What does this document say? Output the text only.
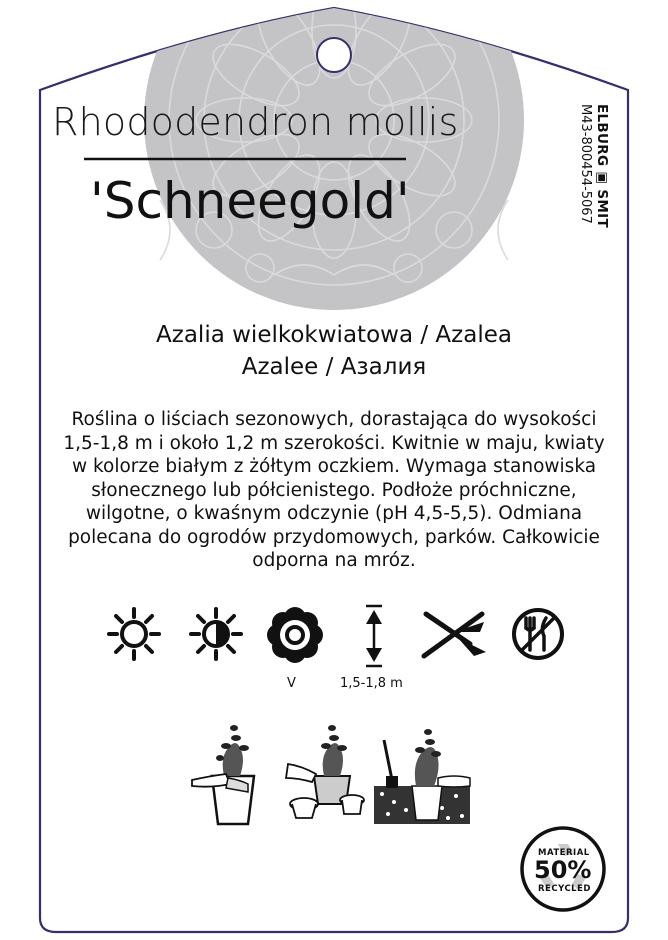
Rhododendron mollis
'Schneegold'	ELBURG ▣ SMIT
M43-800454-5067
Azalia wielkokwiatowa / Azalea
Azalee / Азалия
Roślina o liściach sezonowych, dorastająca do wysokości 1,5-1,8 m i około 1,2 m szerokości. Kwitnie w maju, kwiaty w kolorze białym z żółtym oczkiem. Wymaga stanowiska słonecznego lub półcienistego. Podłoże próchniczne, wilgotne, o kwaśnym odczynie (pH 4,5-5,5). Odmiana polecana do ogrodów przydomowych, parków. Całkowicie odporna na mróz.
V	1,5-1,8 m
MATERIAL
50%
RECYCLED
